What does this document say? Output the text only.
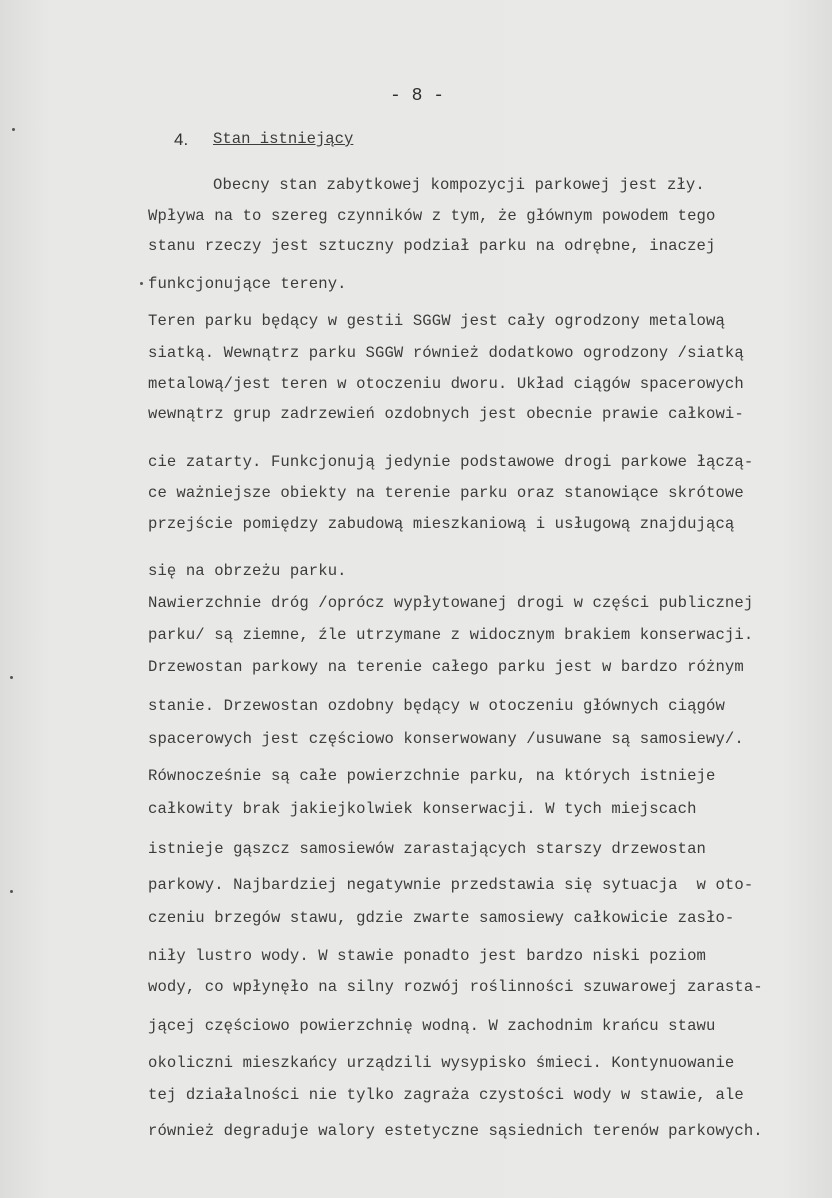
- 8 -
4. Stan istniejący
Obecny stan zabytkowej kompozycji parkowej jest zły.
Wpływa na to szereg czynników z tym, że głównym powodem tego
stanu rzeczy jest sztuczny podział parku na odrębne, inaczej
funkcjonujące tereny.
Teren parku będący w gestii SGGW jest cały ogrodzony metalową
siatką. Wewnątrz parku SGGW również dodatkowo ogrodzony /siatką
metalową/jest teren w otoczeniu dworu. Układ ciągów spacerowych
wewnątrz grup zadrzewień ozdobnych jest obecnie prawie całkowi-
cie zatarty. Funkcjonują jedynie podstawowe drogi parkowe łączą-
ce ważniejsze obiekty na terenie parku oraz stanowiące skrótowe
przejście pomiędzy zabudową mieszkaniową i usługową znajdującą
się na obrzeżu parku.
Nawierzchnie dróg /oprócz wypłytowanej drogi w części publicznej
parku/ są ziemne, źle utrzymane z widocznym brakiem konserwacji.
Drzewostan parkowy na terenie całego parku jest w bardzo różnym
stanie. Drzewostan ozdobny będący w otoczeniu głównych ciągów
spacerowych jest częściowo konserwowany /usuwane są samosiewy/.
Równocześnie są całe powierzchnie parku, na których istnieje
całkowity brak jakiejkolwiek konserwacji. W tych miejscach
istnieje gąszcz samosiewów zarastających starszy drzewostan
parkowy. Najbardziej negatywnie przedstawia się sytuacja  w oto-
czeniu brzegów stawu, gdzie zwarte samosiewy całkowicie zasło-
niły lustro wody. W stawie ponadto jest bardzo niski poziom
wody, co wpłynęło na silny rozwój roślinności szuwarowej zarasta-
jącej częściowo powierzchnię wodną. W zachodnim krańcu stawu
okoliczni mieszkańcy urządzili wysypisko śmieci. Kontynuowanie
tej działalności nie tylko zagraża czystości wody w stawie, ale
również degraduje walory estetyczne sąsiednich terenów parkowych.
